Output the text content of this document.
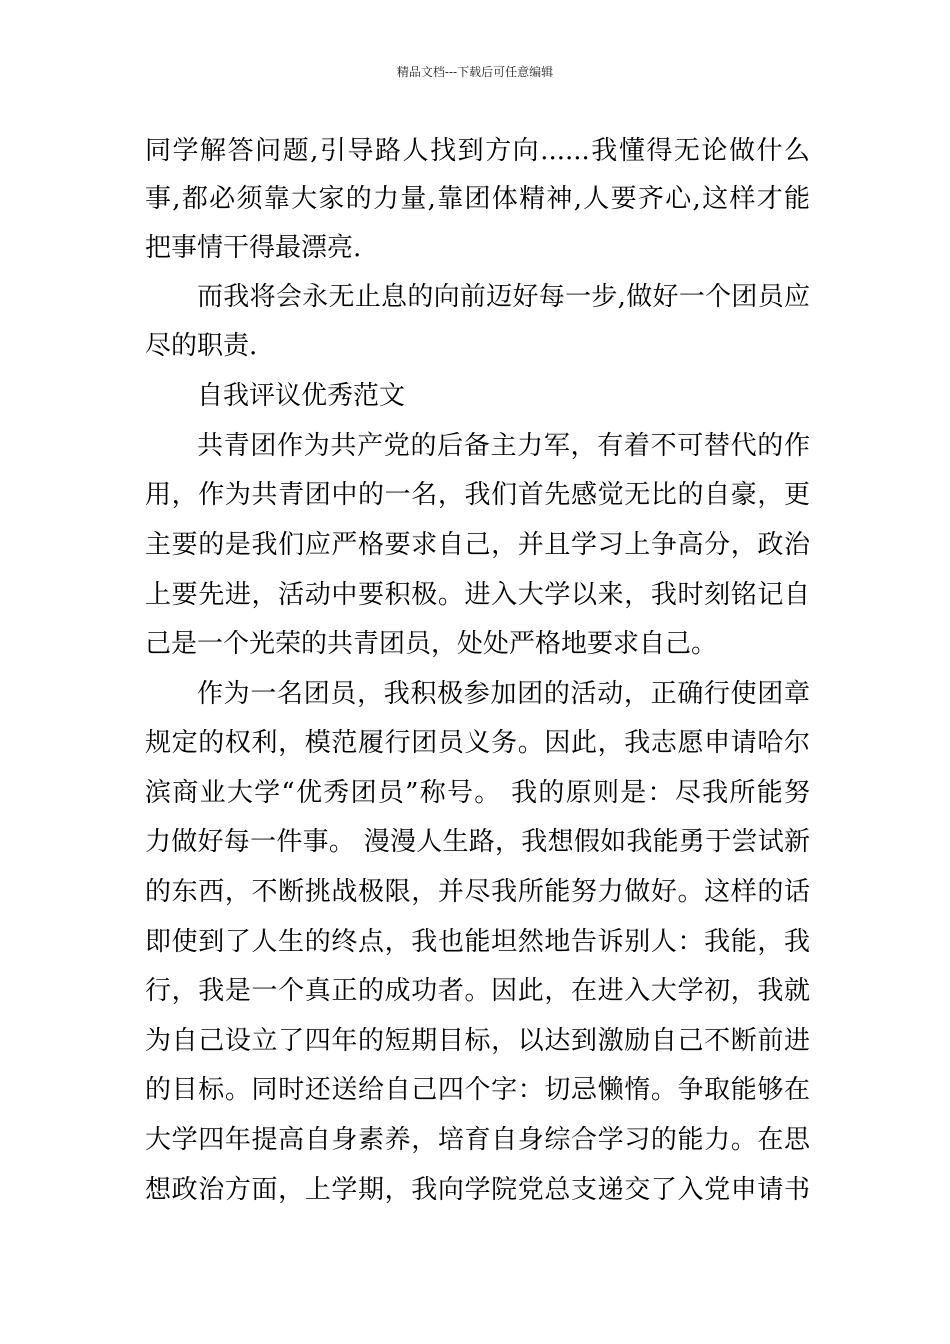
精品文档---下载后可任意编辑
同学解答问题,引导路人找到方向......我懂得无论做什么
事,都必须靠大家的力量,靠团体精神,人要齐心,这样才能
把事情干得最漂亮.
而我将会永无止息的向前迈好每一步,做好一个团员应
尽的职责.
自我评议优秀范文
共青团作为共产党的后备主力军，有着不可替代的作
用，作为共青团中的一名，我们首先感觉无比的自豪，更
主要的是我们应严格要求自己，并且学习上争高分，政治
上要先进，活动中要积极。进入大学以来，我时刻铭记自
己是一个光荣的共青团员，处处严格地要求自己。
作为一名团员，我积极参加团的活动，正确行使团章
规定的权利，模范履行团员义务。因此，我志愿申请哈尔
滨商业大学“优秀团员”称号。 我的原则是：尽我所能努
力做好每一件事。 漫漫人生路，我想假如我能勇于尝试新
的东西，不断挑战极限，并尽我所能努力做好。这样的话
即使到了人生的终点，我也能坦然地告诉别人：我能，我
行，我是一个真正的成功者。因此，在进入大学初，我就
为自己设立了四年的短期目标，以达到激励自己不断前进
的目标。同时还送给自己四个字：切忌懒惰。争取能够在
大学四年提高自身素养，培育自身综合学习的能力。在思
想政治方面，上学期，我向学院党总支递交了入党申请书
